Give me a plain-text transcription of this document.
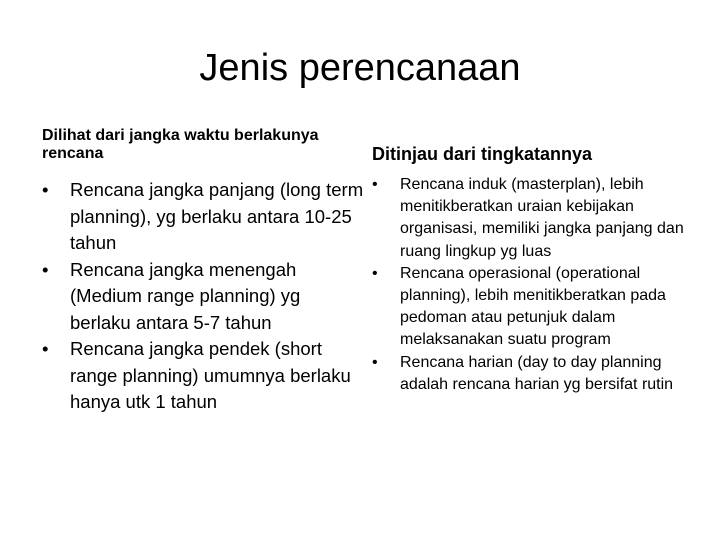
Jenis perencanaan

Dilihat dari jangka waktu berlakunya rencana

• Rencana jangka panjang (long term planning), yg berlaku antara 10-25 tahun
• Rencana jangka menengah (Medium range planning) yg berlaku antara 5-7 tahun
• Rencana jangka pendek (short range planning) umumnya berlaku hanya utk 1 tahun

Ditinjau dari tingkatannya

• Rencana induk (masterplan), lebih menitikberatkan uraian kebijakan organisasi, memiliki jangka panjang dan ruang lingkup yg luas
• Rencana operasional (operational planning), lebih menitikberatkan pada pedoman atau petunjuk dalam melaksanakan suatu program
• Rencana harian (day to day planning adalah rencana harian yg bersifat rutin
